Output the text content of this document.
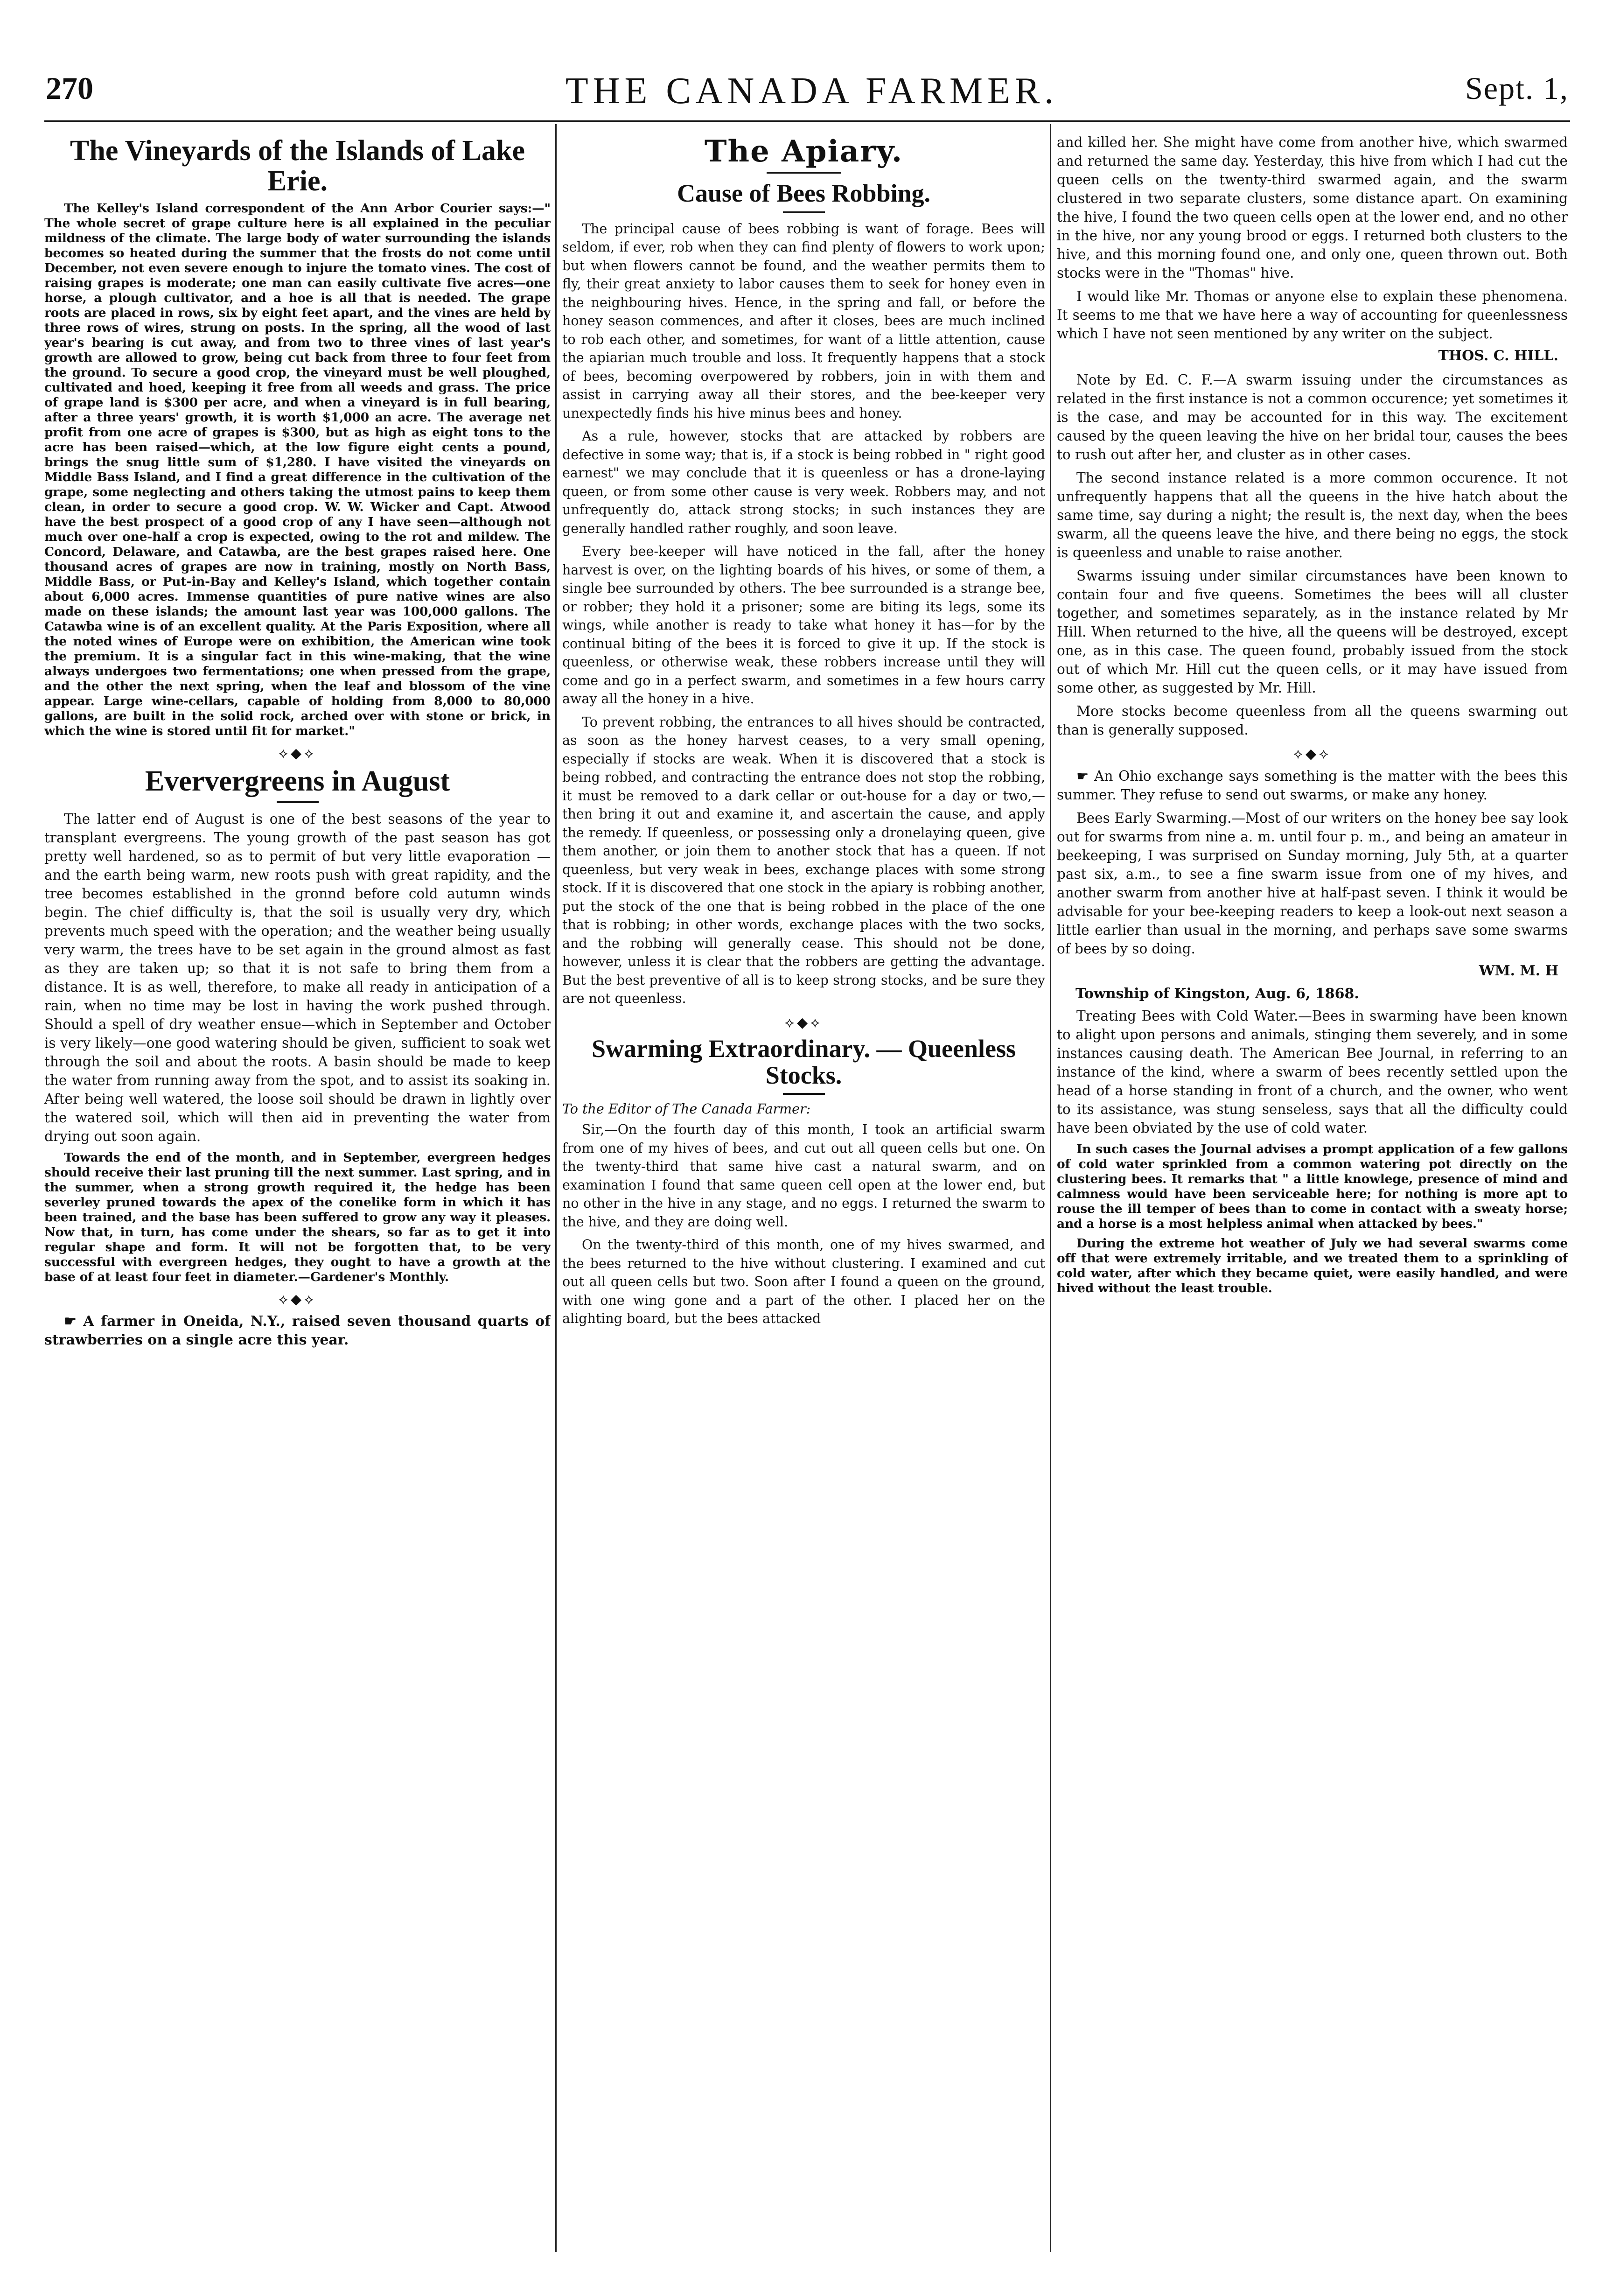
270	THE CANADA FARMER.	Sept. 1,
The Vineyards of the Islands of Lake Erie.

The Kelley's Island correspondent of the Ann Arbor Courier says:—" The whole secret of grape culture here is all explained in the peculiar mildness of the climate. The large body of water surrounding the islands becomes so heated during the summer that the frosts do not come until December, not even severe enough to injure the tomato vines. The cost of raising grapes is moderate; one man can easily cultivate five acres—one horse, a plough cultivator, and a hoe is all that is needed. The grape roots are placed in rows, six by eight feet apart, and the vines are held by three rows of wires, strung on posts. In the spring, all the wood of last year's bearing is cut away, and from two to three vines of last year's growth are allowed to grow, being cut back from three to four feet from the ground. To secure a good crop, the vineyard must be well ploughed, cultivated and hoed, keeping it free from all weeds and grass. The price of grape land is $300 per acre, and when a vineyard is in full bearing, after a three years' growth, it is worth $1,000 an acre. The average net profit from one acre of grapes is $300, but as high as eight tons to the acre has been raised—which, at the low figure eight cents a pound, brings the snug little sum of $1,280. I have visited the vineyards on Middle Bass Island, and I find a great difference in the cultivation of the grape, some neglecting and others taking the utmost pains to keep them clean, in order to secure a good crop. W. W. Wicker and Capt. Atwood have the best prospect of a good crop of any I have seen—although not much over one-half a crop is expected, owing to the rot and mildew. The Concord, Delaware, and Catawba, are the best grapes raised here. One thousand acres of grapes are now in training, mostly on North Bass, Middle Bass, or Put-in-Bay and Kelley's Island, which together contain about 6,000 acres. Immense quantities of pure native wines are also made on these islands; the amount last year was 100,000 gallons. The Catawba wine is of an excellent quality. At the Paris Exposition, where all the noted wines of Europe were on exhibition, the American wine took the premium. It is a singular fact in this wine-making, that the wine always undergoes two fermentations; one when pressed from the grape, and the other the next spring, when the leaf and blossom of the vine appear. Large wine-cellars, capable of holding from 8,000 to 80,000 gallons, are built in the solid rock, arched over with stone or brick, in which the wine is stored until fit for market."

⟡◆⟡
Eververgreens in August

The latter end of August is one of the best seasons of the year to transplant evergreens. The young growth of the past season has got pretty well hardened, so as to permit of but very little evaporation —and the earth being warm, new roots push with great rapidity, and the tree becomes established in the gronnd before cold autumn winds begin. The chief difficulty is, that the soil is usually very dry, which prevents much speed with the operation; and the weather being usually very warm, the trees have to be set again in the ground almost as fast as they are taken up; so that it is not safe to bring them from a distance. It is as well, therefore, to make all ready in anticipation of a rain, when no time may be lost in having the work pushed through. Should a spell of dry weather ensue—which in September and October is very likely—one good watering should be given, sufficient to soak wet through the soil and about the roots. A basin should be made to keep the water from running away from the spot, and to assist its soaking in. After being well watered, the loose soil should be drawn in lightly over the watered soil, which will then aid in preventing the water from drying out soon again.

Towards the end of the month, and in September, evergreen hedges should receive their last pruning till the next summer. Last spring, and in the summer, when a strong growth required it, the hedge has been severley pruned towards the apex of the conelike form in which it has been trained, and the base has been suffered to grow any way it pleases. Now that, in turn, has come under the shears, so far as to get it into regular shape and form. It will not be forgotten that, to be very successful with evergreen hedges, they ought to have a growth at the base of at least four feet in diameter.—Gardener's Monthly.

⟡◆⟡

☛ A farmer in Oneida, N.Y., raised seven thousand quarts of strawberries on a single acre this year.

The Apiary.
Cause of Bees Robbing.

The principal cause of bees robbing is want of forage. Bees will seldom, if ever, rob when they can find plenty of flowers to work upon; but when flowers cannot be found, and the weather permits them to fly, their great anxiety to labor causes them to seek for honey even in the neighbouring hives. Hence, in the spring and fall, or before the honey season commences, and after it closes, bees are much inclined to rob each other, and sometimes, for want of a little attention, cause the apiarian much trouble and loss. It frequently happens that a stock of bees, becoming overpowered by robbers, join in with them and assist in carrying away all their stores, and the bee-keeper very unexpectedly finds his hive minus bees and honey.

As a rule, however, stocks that are attacked by robbers are defective in some way; that is, if a stock is being robbed in " right good earnest" we may conclude that it is queenless or has a drone-laying queen, or from some other cause is very week. Robbers may, and not unfrequently do, attack strong stocks; in such instances they are generally handled rather roughly, and soon leave.

Every bee-keeper will have noticed in the fall, after the honey harvest is over, on the lighting boards of his hives, or some of them, a single bee surrounded by others. The bee surrounded is a strange bee, or robber; they hold it a prisoner; some are biting its legs, some its wings, while another is ready to take what honey it has—for by the continual biting of the bees it is forced to give it up. If the stock is queenless, or otherwise weak, these robbers increase until they will come and go in a perfect swarm, and sometimes in a few hours carry away all the honey in a hive.

To prevent robbing, the entrances to all hives should be contracted, as soon as the honey harvest ceases, to a very small opening, especially if stocks are weak. When it is discovered that a stock is being robbed, and contracting the entrance does not stop the robbing, it must be removed to a dark cellar or out-house for a day or two,—then bring it out and examine it, and ascertain the cause, and apply the remedy. If queenless, or possessing only a dronelaying queen, give them another, or join them to another stock that has a queen. If not queenless, but very weak in bees, exchange places with some strong stock. If it is discovered that one stock in the apiary is robbing another, put the stock of the one that is being robbed in the place of the one that is robbing; in other words, exchange places with the two socks, and the robbing will generally cease. This should not be done, however, unless it is clear that the robbers are getting the advantage. But the best preventive of all is to keep strong stocks, and be sure they are not queenless.

⟡◆⟡
Swarming Extraordinary. — Queenless Stocks.
To the Editor of The Canada Farmer:

Sir,—On the fourth day of this month, I took an artificial swarm from one of my hives of bees, and cut out all queen cells but one. On the twenty-third that same hive cast a natural swarm, and on examination I found that same queen cell open at the lower end, but no other in the hive in any stage, and no eggs. I returned the swarm to the hive, and they are doing well.

On the twenty-third of this month, one of my hives swarmed, and the bees returned to the hive without clustering. I examined and cut out all queen cells but two. Soon after I found a queen on the ground, with one wing gone and a part of the other. I placed her on the alighting board, but the bees attacked

and killed her. She might have come from another hive, which swarmed and returned the same day. Yesterday, this hive from which I had cut the queen cells on the twenty-third swarmed again, and the swarm clustered in two separate clusters, some distance apart. On examining the hive, I found the two queen cells open at the lower end, and no other in the hive, nor any young brood or eggs. I returned both clusters to the hive, and this morning found one, and only one, queen thrown out. Both stocks were in the "Thomas" hive.

I would like Mr. Thomas or anyone else to explain these phenomena. It seems to me that we have here a way of accounting for queenlessness which I have not seen mentioned by any writer on the subject.

THOS. C. HILL.

Note by Ed. C. F.—A swarm issuing under the circumstances as related in the first instance is not a common occurence; yet sometimes it is the case, and may be accounted for in this way. The excitement caused by the queen leaving the hive on her bridal tour, causes the bees to rush out after her, and cluster as in other cases.

The second instance related is a more common occurence. It not unfrequently happens that all the queens in the hive hatch about the same time, say during a night; the result is, the next day, when the bees swarm, all the queens leave the hive, and there being no eggs, the stock is queenless and unable to raise another.

Swarms issuing under similar circumstances have been known to contain four and five queens. Sometimes the bees will all cluster together, and sometimes separately, as in the instance related by Mr Hill. When returned to the hive, all the queens will be destroyed, except one, as in this case. The queen found, probably issued from the stock out of which Mr. Hill cut the queen cells, or it may have issued from some other, as suggested by Mr. Hill.

More stocks become queenless from all the queens swarming out than is generally supposed.

⟡◆⟡

☛ An Ohio exchange says something is the matter with the bees this summer. They refuse to send out swarms, or make any honey.

Bees Early Swarming.—Most of our writers on the honey bee say look out for swarms from nine a. m. until four p. m., and being an amateur in beekeeping, I was surprised on Sunday morning, July 5th, at a quarter past six, a.m., to see a fine swarm issue from one of my hives, and another swarm from another hive at half-past seven. I think it would be advisable for your bee-keeping readers to keep a look-out next season a little earlier than usual in the morning, and perhaps save some swarms of bees by so doing.

WM. M. H
Township of Kingston, Aug. 6, 1868.

Treating Bees with Cold Water.—Bees in swarming have been known to alight upon persons and animals, stinging them severely, and in some instances causing death. The American Bee Journal, in referring to an instance of the kind, where a swarm of bees recently settled upon the head of a horse standing in front of a church, and the owner, who went to its assistance, was stung senseless, says that all the difficulty could have been obviated by the use of cold water.

In such cases the Journal advises a prompt application of a few gallons of cold water sprinkled from a common watering pot directly on the clustering bees. It remarks that " a little knowlege, presence of mind and calmness would have been serviceable here; for nothing is more apt to rouse the ill temper of bees than to come in contact with a sweaty horse; and a horse is a most helpless animal when attacked by bees."

During the extreme hot weather of July we had several swarms come off that were extremely irritable, and we treated them to a sprinkling of cold water, after which they became quiet, were easily handled, and were hived without the least trouble.
